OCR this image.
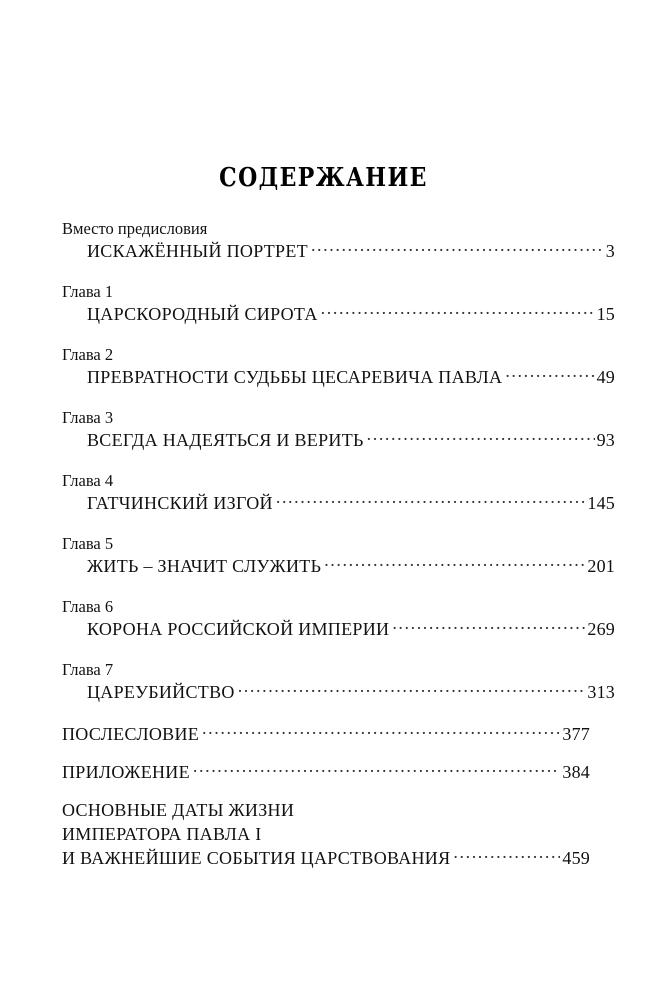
СОДЕРЖАНИЕ
Вместо предисловия
ИСКАЖЁННЫЙ ПОРТРЕТ .....	3
Глава 1
ЦАРСКОРОДНЫЙ СИРОТА .....	15
Глава 2
ПРЕВРАТНОСТИ СУДЬБЫ ЦЕСАРЕВИЧА ПАВЛА .....	49
Глава 3
ВСЕГДА НАДЕЯТЬСЯ И ВЕРИТЬ .....	93
Глава 4
ГАТЧИНСКИЙ ИЗГОЙ .....	145
Глава 5
ЖИТЬ – ЗНАЧИТ СЛУЖИТЬ .....	201
Глава 6
КОРОНА РОССИЙСКОЙ ИМПЕРИИ .....	269
Глава 7
ЦАРЕУБИЙСТВО .....	313
ПОСЛЕСЛОВИЕ .....	377
ПРИЛОЖЕНИЕ .....	384
ОСНОВНЫЕ ДАТЫ ЖИЗНИ
ИМПЕРАТОРА ПАВЛА I
И ВАЖНЕЙШИЕ СОБЫТИЯ ЦАРСТВОВАНИЯ .....	459
